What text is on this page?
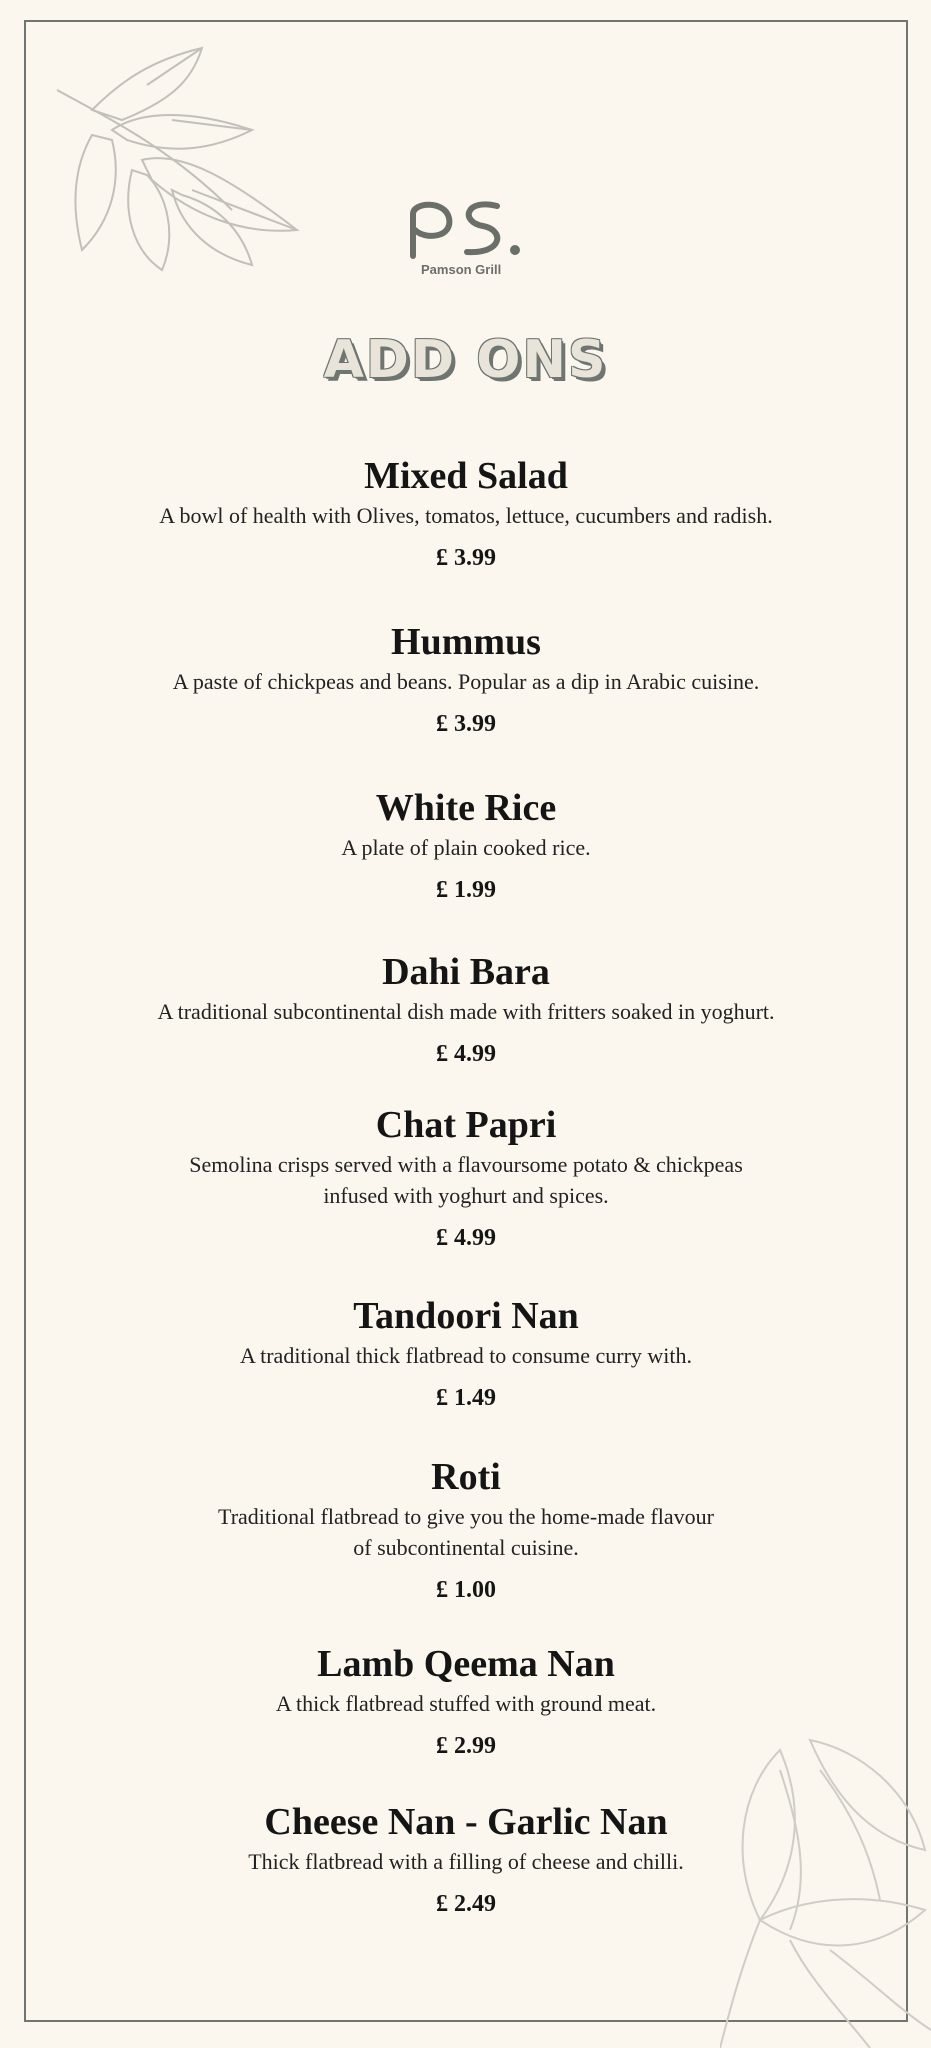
Pamson Grill
ADD ONS
Mixed Salad
A bowl of health with Olives, tomatos, lettuce, cucumbers and radish.
£ 3.99
Hummus
A paste of chickpeas and beans. Popular as a dip in Arabic cuisine.
£ 3.99
White Rice
A plate of plain cooked rice.
£ 1.99
Dahi Bara
A traditional subcontinental dish made with fritters soaked in yoghurt.
£ 4.99
Chat Papri
Semolina crisps served with a flavoursome potato & chickpeas
infused with yoghurt and spices.
£ 4.99
Tandoori Nan
A traditional thick flatbread to consume curry with.
£ 1.49
Roti
Traditional flatbread to give you the home-made flavour
of subcontinental cuisine.
£ 1.00
Lamb Qeema Nan
A thick flatbread stuffed with ground meat.
£ 2.99
Cheese Nan - Garlic Nan
Thick flatbread with a filling of cheese and chilli.
£ 2.49
